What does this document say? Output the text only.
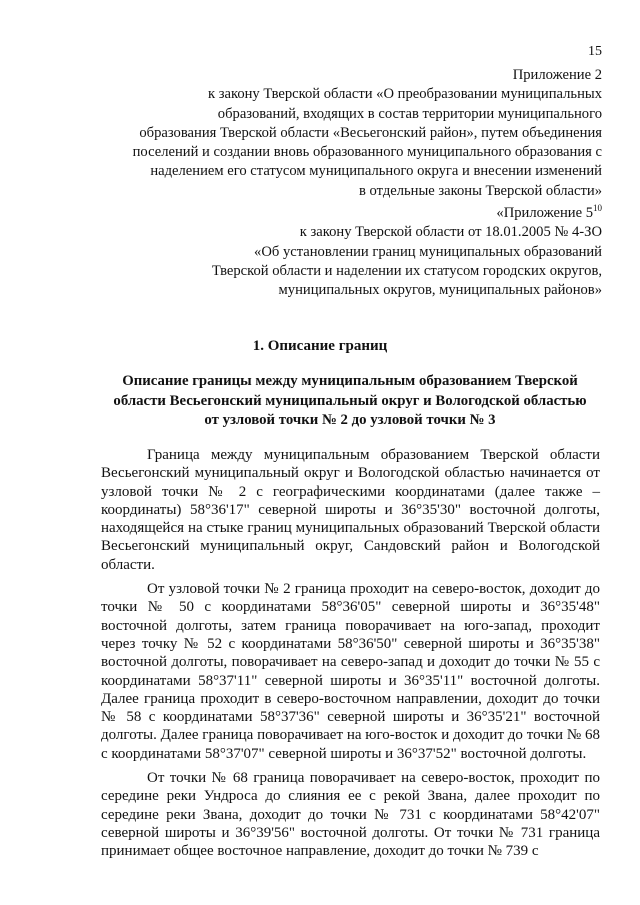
15

Приложение 2

к закону Тверской области «О преобразовании муниципальных

образований, входящих в состав территории муниципального

образования Тверской области «Весьегонский район», путем объединения

поселений и создании вновь образованного муниципального образования с

наделением его статусом муниципального округа и внесении изменений

в отдельные законы Тверской области»

«Приложение $5^{10}$

к закону Тверской области от 18.01.2005 № 4-ЗО

«Об установлении границ муниципальных образований

Тверской области и наделении их статусом городских округов,

муниципальных округов, муниципальных районов»

1. Описание границ

Описание границы между муниципальным образованием Тверской

области Весьегонский муниципальный округ и Вологодской областью

от узловой точки № 2 до узловой точки № 3

Граница между муниципальным образованием Тверской области Весьегонский муниципальный округ и Вологодской областью начинается от узловой точки № 2 с географическими координатами (далее также – координаты) 58°36'17" северной широты и 36°35'30" восточной долготы, находящейся на стыке границ муниципальных образований Тверской области Весьегонский муниципальный округ, Сандовский район и Вологодской области.

От узловой точки № 2 граница проходит на северо-восток, доходит до точки № 50 с координатами 58°36'05" северной широты и 36°35'48" восточной долготы, затем граница поворачивает на юго-запад, проходит через точку № 52 с координатами 58°36'50" северной широты и 36°35'38" восточной долготы, поворачивает на северо-запад и доходит до точки № 55 с координатами 58°37'11" северной широты и 36°35'11" восточной долготы. Далее граница проходит в северо-восточном направлении, доходит до точки № 58 с координатами 58°37'36" северной широты и 36°35'21" восточной долготы. Далее граница поворачивает на юго-восток и доходит до точки № 68 с координатами 58°37'07" северной широты и 36°37'52" восточной долготы.

От точки № 68 граница поворачивает на северо-восток, проходит по середине реки Ундроса до слияния ее с рекой Звана, далее проходит по середине реки Звана, доходит до точки № 731 с координатами 58°42'07" северной широты и 36°39'56" восточной долготы. От точки № 731 граница принимает общее восточное направление, доходит до точки № 739 с
